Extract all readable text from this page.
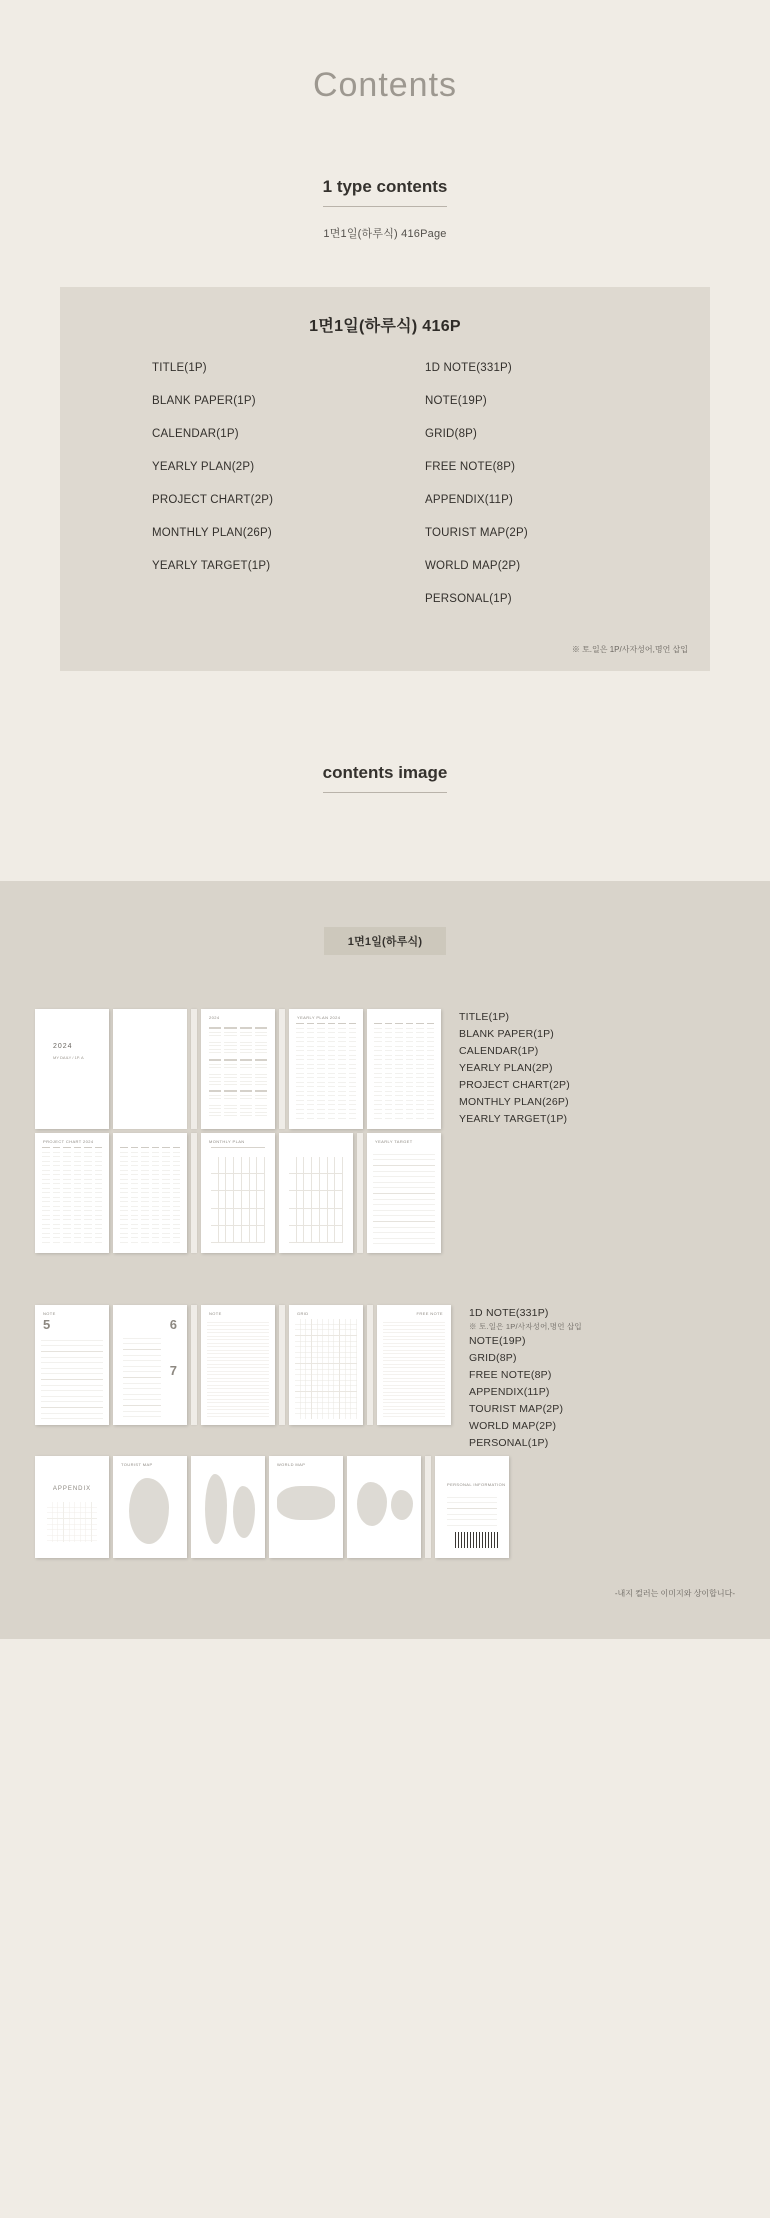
Contents
1 type contents
1면1일(하루식) 416Page
1면1일(하루식) 416P
TITLE(1P)
BLANK PAPER(1P)
CALENDAR(1P)
YEARLY PLAN(2P)
PROJECT CHART(2P)
MONTHLY PLAN(26P)
YEARLY TARGET(1P)
1D NOTE(331P)
NOTE(19P)
GRID(8P)
FREE NOTE(8P)
APPENDIX(11P)
TOURIST MAP(2P)
WORLD MAP(2P)
PERSONAL(1P)
※ 토.일은 1P/사자성어,명언 삽입
contents image
1면1일(하루식)
2024
MY DAILY / 1P. A
2024	YEARLY PLAN 2024	TITLE(1P)
BLANK PAPER(1P)
CALENDAR(1P)
YEARLY PLAN(2P)
PROJECT CHART(2P)
MONTHLY PLAN(26P)
YEARLY TARGET(1P)
PROJECT CHART 2024	MONTHLY PLAN	YEARLY TARGET
NOTE
5	6
7
NOTE	GRID	FREE NOTE 1D NOTE(331P)
※ 토.일은 1P/사자성어,명언 삽입
NOTE(19P)
GRID(8P)
FREE NOTE(8P)
APPENDIX(11P)
TOURIST MAP(2P)
WORLD MAP(2P)
PERSONAL(1P)
APPENDIX
TOURIST MAP	WORLD MAP
PERSONAL INFORMATION
-내지 컬러는 이미지와 상이합니다-
